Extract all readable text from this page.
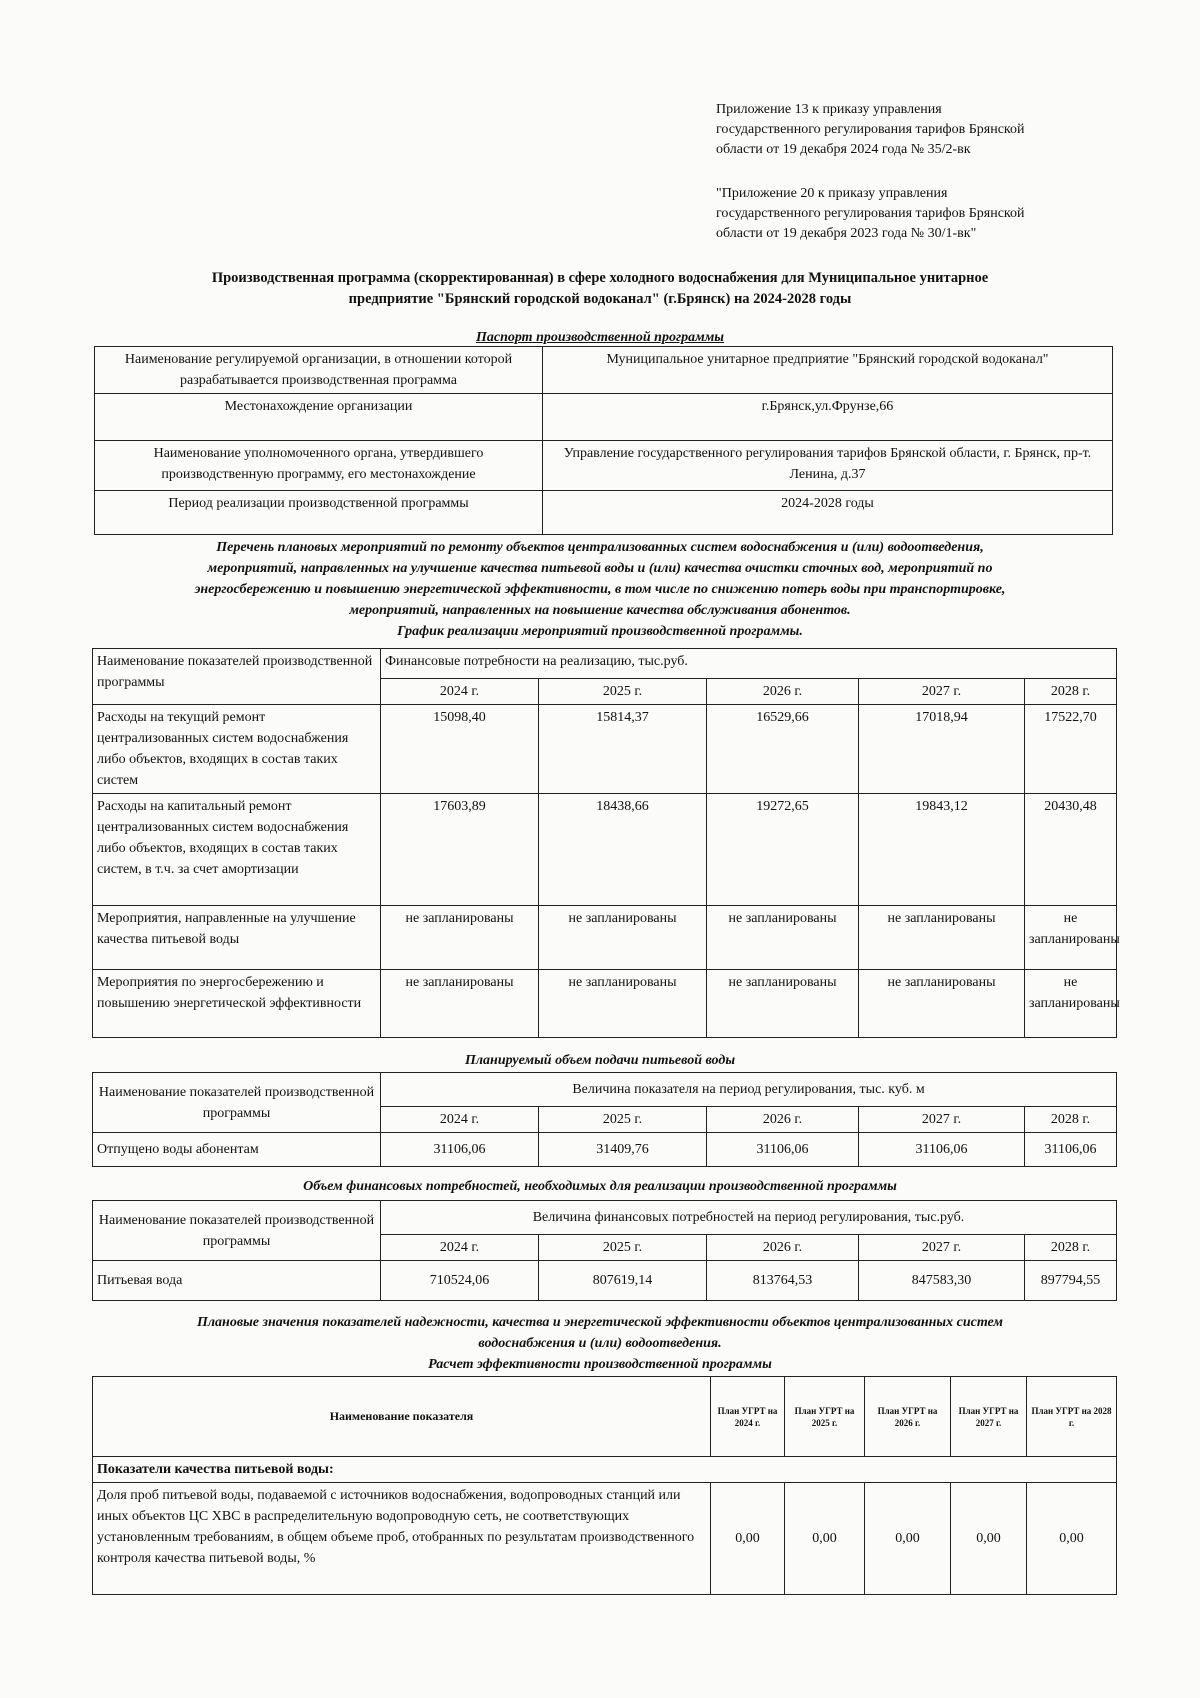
Приложение 13 к приказу управления

государственного регулирования тарифов Брянской

области от 19 декабря 2024 года № 35/2-вк

"Приложение 20 к приказу управления

государственного регулирования тарифов Брянской

области от 19 декабря 2023 года № 30/1-вк"

Производственная программа (скорректированная) в сфере холодного водоснабжения для Муниципальное унитарное
предприятие "Брянский городской водоканал" (г.Брянск) на 2024-2028 годы
Паспорт производственной программы
Наименование регулируемой организации, в отношении которой разрабатывается производственная программа	Муниципальное унитарное предприятие "Брянский городской водоканал"
Местонахождение организации	г.Брянск,ул.Фрунзе,66
Наименование уполномоченного органа, утвердившего производственную программу, его местонахождение	Управление государственного регулирования тарифов Брянской области, г. Брянск, пр-т. Ленина, д.37
Период реализации производственной программы	2024-2028 годы

Перечень плановых мероприятий по ремонту объектов централизованных систем водоснабжения и (или) водоотведения,

мероприятий, направленных на улучшение качества питьевой воды и (или) качества очистки сточных вод, мероприятий по

энергосбережению и повышению энергетической эффективности, в том числе по снижению потерь воды при транспортировке,

мероприятий, направленных на повышение качества обслуживания абонентов.

График реализации мероприятий производственной программы.

Наименование показателей производственной программы	Финансовые потребности на реализацию, тыс.руб.				
	2024 г.	2025 г.	2026 г.	2027 г.	2028 г.
Расходы на текущий ремонт централизованных систем водоснабжения либо объектов, входящих в состав таких систем	15098,40	15814,37	16529,66	17018,94	17522,70
Расходы на капитальный ремонт централизованных систем водоснабжения либо объектов, входящих в состав таких систем, в т.ч. за счет амортизации	17603,89	18438,66	19272,65	19843,12	20430,48
Мероприятия, направленные на улучшение качества питьевой воды	не запланированы	не запланированы	не запланированы	не запланированы	не запланированы
Мероприятия по энергосбережению и повышению энергетической эффективности	не запланированы	не запланированы	не запланированы	не запланированы	не запланированы
Планируемый объем подачи питьевой воды
Наименование показателей производственной программы	Величина показателя на период регулирования, тыс. куб. м				
	2024 г.	2025 г.	2026 г.	2027 г.	2028 г.
Отпущено воды абонентам	31106,06	31409,76	31106,06	31106,06	31106,06
Объем финансовых потребностей, необходимых для реализации производственной программы
Наименование показателей производственной программы	Величина финансовых потребностей на период регулирования, тыс.руб.				
	2024 г.	2025 г.	2026 г.	2027 г.	2028 г.
Питьевая вода	710524,06	807619,14	813764,53	847583,30	897794,55

Плановые значения показателей надежности, качества и энергетической эффективности объектов централизованных систем

водоснабжения и (или) водоотведения.

Расчет эффективности производственной программы

Наименование показателя	План УГРТ на 2024 г.	План УГРТ на 2025 г.	План УГРТ на 2026 г.	План УГРТ на 2027 г.	План УГРТ на 2028 г.
Показатели качества питьевой воды:					
Доля проб питьевой воды, подаваемой с источников водоснабжения, водопроводных станций или иных объектов ЦС ХВС в распределительную водопроводную сеть, не соответствующих установленным требованиям, в общем объеме проб, отобранных по результатам производственного контроля качества питьевой воды, %	0,00	0,00	0,00	0,00	0,00
